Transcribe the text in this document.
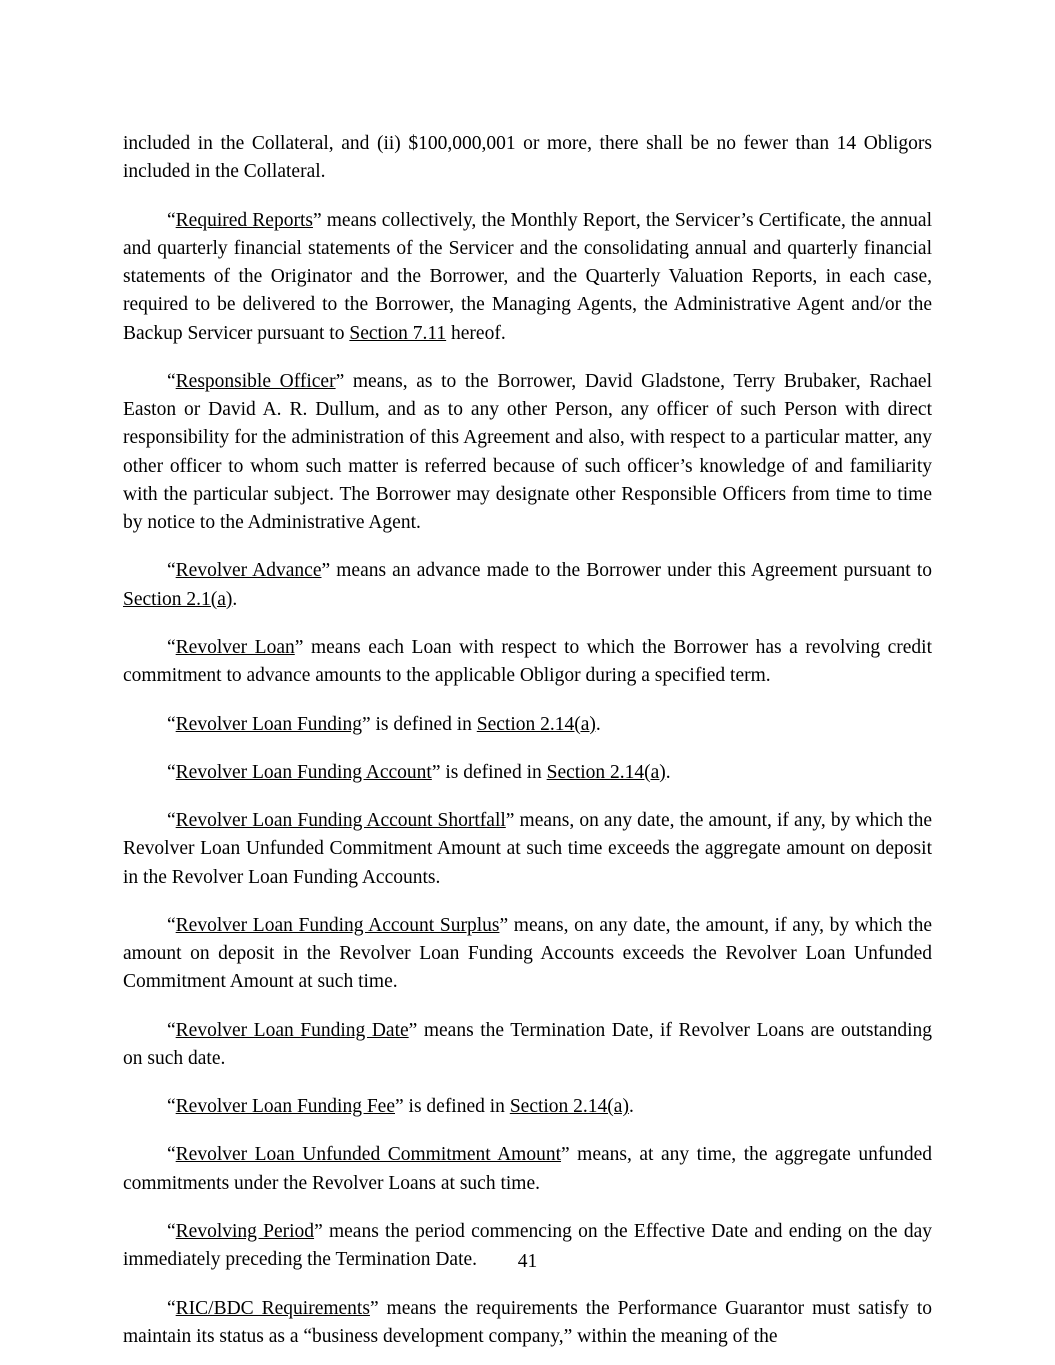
included in the Collateral, and (ii) $100,000,001 or more, there shall be no fewer than 14 Obligors included in the Collateral.

“Required Reports” means collectively, the Monthly Report, the Servicer’s Certificate, the annual and quarterly financial statements of the Servicer and the consolidating annual and quarterly financial statements of the Originator and the Borrower, and the Quarterly Valuation Reports, in each case, required to be delivered to the Borrower, the Managing Agents, the Administrative Agent and/or the Backup Servicer pursuant to Section 7.11 hereof.

“Responsible Officer” means, as to the Borrower, David Gladstone, Terry Brubaker, Rachael Easton or David A. R. Dullum, and as to any other Person, any officer of such Person with direct responsibility for the administration of this Agreement and also, with respect to a particular matter, any other officer to whom such matter is referred because of such officer’s knowledge of and familiarity with the particular subject. The Borrower may designate other Responsible Officers from time to time by notice to the Administrative Agent.

“Revolver Advance” means an advance made to the Borrower under this Agreement pursuant to Section 2.1(a).

“Revolver Loan” means each Loan with respect to which the Borrower has a revolving credit commitment to advance amounts to the applicable Obligor during a specified term.

“Revolver Loan Funding” is defined in Section 2.14(a).

“Revolver Loan Funding Account” is defined in Section 2.14(a).

“Revolver Loan Funding Account Shortfall” means, on any date, the amount, if any, by which the Revolver Loan Unfunded Commitment Amount at such time exceeds the aggregate amount on deposit in the Revolver Loan Funding Accounts.

“Revolver Loan Funding Account Surplus” means, on any date, the amount, if any, by which the amount on deposit in the Revolver Loan Funding Accounts exceeds the Revolver Loan Unfunded Commitment Amount at such time.

“Revolver Loan Funding Date” means the Termination Date, if Revolver Loans are outstanding on such date.

“Revolver Loan Funding Fee” is defined in Section 2.14(a).

“Revolver Loan Unfunded Commitment Amount” means, at any time, the aggregate unfunded commitments under the Revolver Loans at such time.

“Revolving Period” means the period commencing on the Effective Date and ending on the day immediately preceding the Termination Date.

“RIC/BDC Requirements” means the requirements the Performance Guarantor must satisfy to maintain its status as a “business development company,” within the meaning of the

41
